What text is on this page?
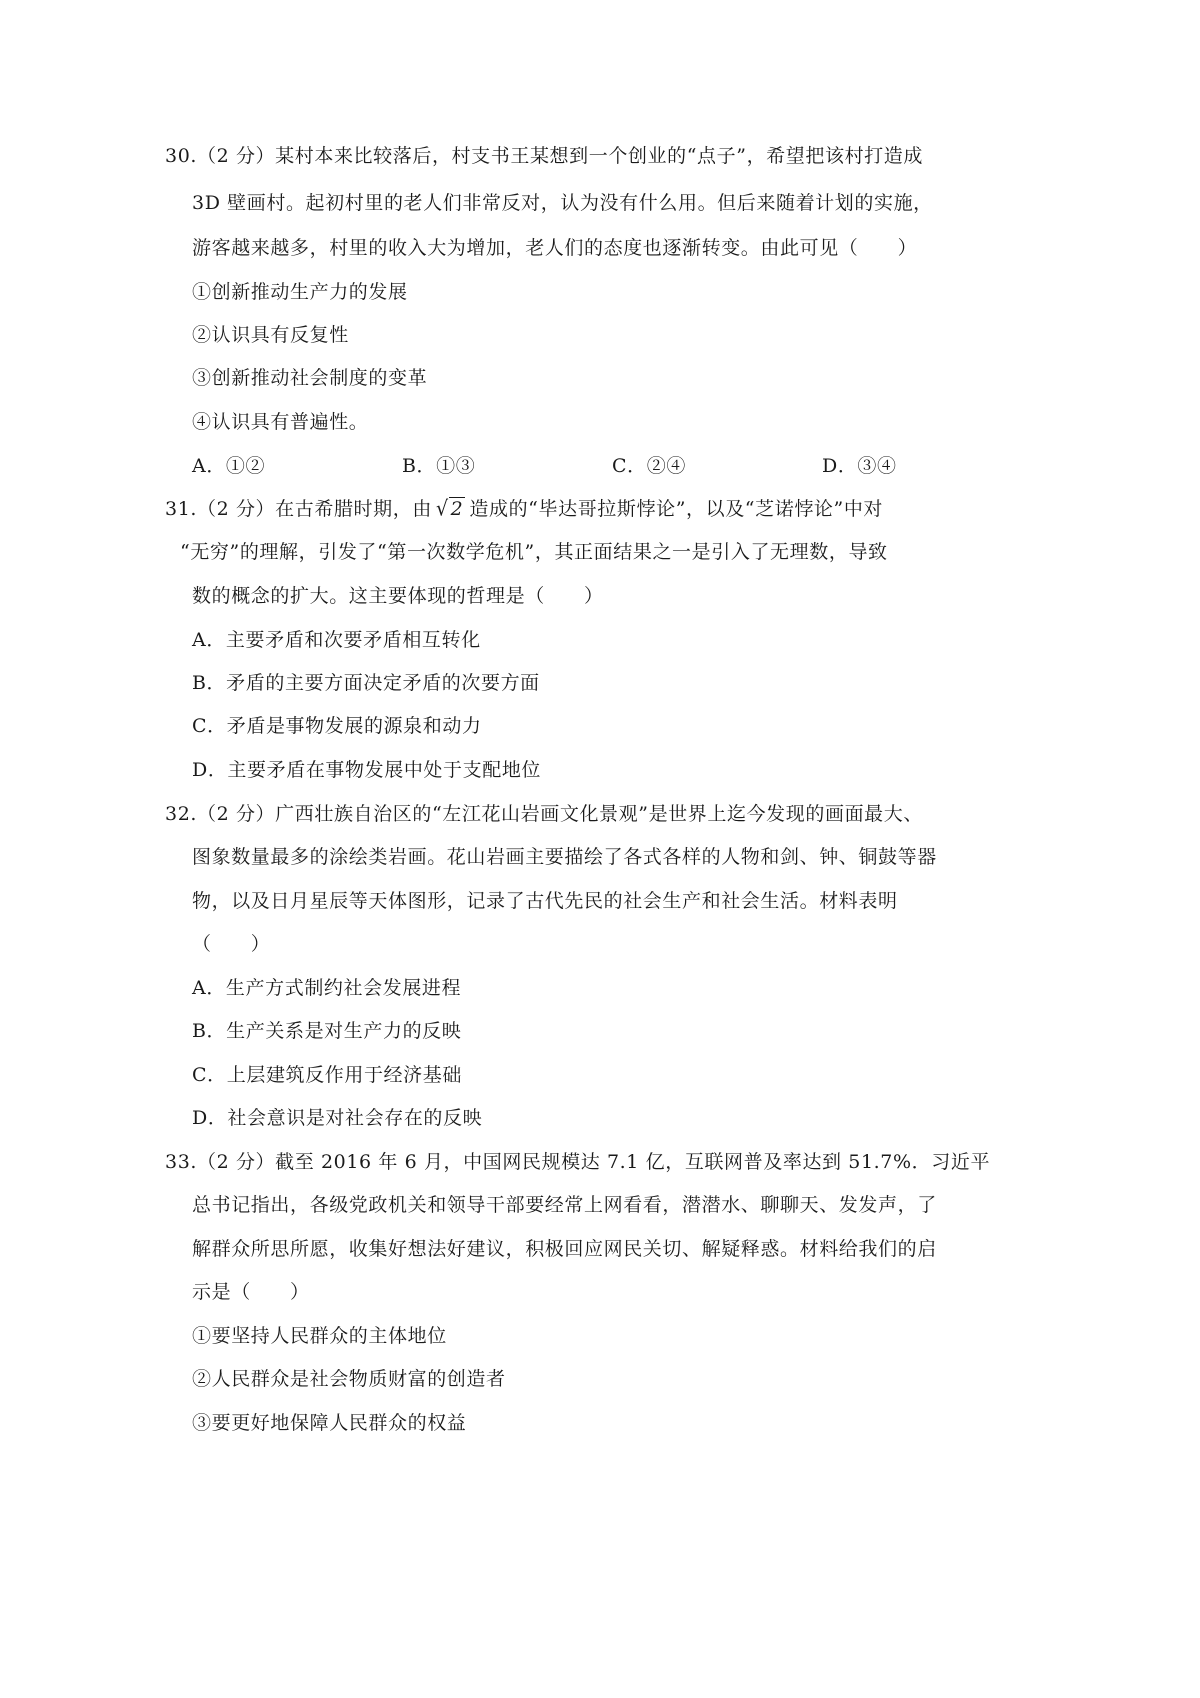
30.（2 分）某村本来比较落后，村支书王某想到一个创业的“点子”，希望把该村打造成
3D 壁画村。起初村里的老人们非常反对，认为没有什么用。但后来随着计划的实施，
游客越来越多，村里的收入大为增加，老人们的态度也逐渐转变。由此可见（　　）
①创新推动生产力的发展
②认识具有反复性
③创新推动社会制度的变革
④认识具有普遍性。
A．①②	B．①③	C．②④	D．③④
31.（2 分）在古希腊时期，由 √ 2 造成的“毕达哥拉斯悖论”，以及“芝诺悖论”中对
“无穷”的理解，引发了“第一次数学危机”，其正面结果之一是引入了无理数，导致
数的概念的扩大。这主要体现的哲理是（　　）
A．主要矛盾和次要矛盾相互转化
B．矛盾的主要方面决定矛盾的次要方面
C．矛盾是事物发展的源泉和动力
D．主要矛盾在事物发展中处于支配地位
32.（2 分）广西壮族自治区的“左江花山岩画文化景观”是世界上迄今发现的画面最大、
图象数量最多的涂绘类岩画。花山岩画主要描绘了各式各样的人物和剑、钟、铜鼓等器
物，以及日月星辰等天体图形，记录了古代先民的社会生产和社会生活。材料表明
（　　）
A．生产方式制约社会发展进程
B．生产关系是对生产力的反映
C．上层建筑反作用于经济基础
D．社会意识是对社会存在的反映
33.（2 分）截至 2016 年 6 月，中国网民规模达 7.1 亿，互联网普及率达到 51.7%．习近平
总书记指出，各级党政机关和领导干部要经常上网看看，潜潜水、聊聊天、发发声，了
解群众所思所愿，收集好想法好建议，积极回应网民关切、解疑释惑。材料给我们的启
示是（　　）
①要坚持人民群众的主体地位
②人民群众是社会物质财富的创造者
③要更好地保障人民群众的权益
